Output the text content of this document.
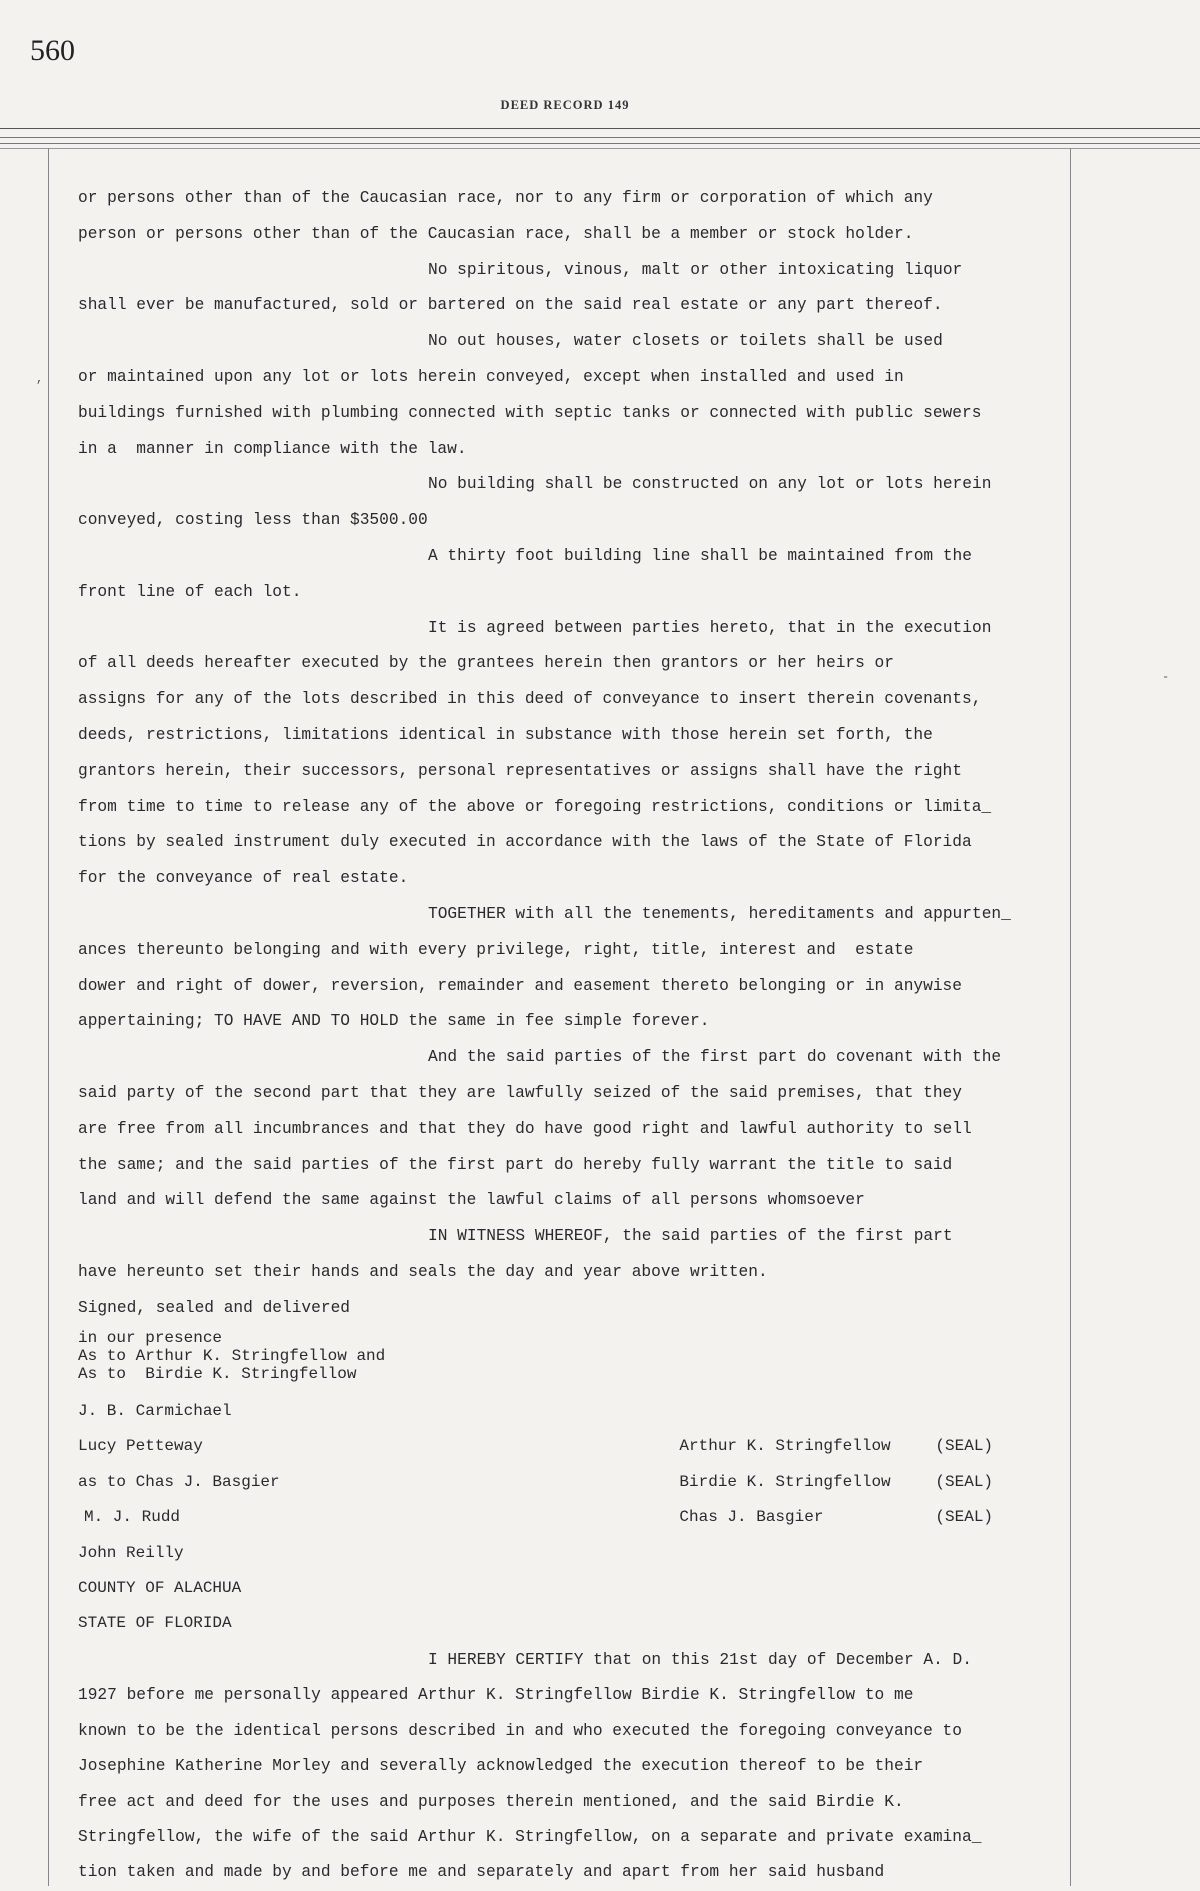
560
DEED RECORD 149
,
-
or persons other than of the Caucasian race, nor to any firm or corporation of which any
person or persons other than of the Caucasian race, shall be a member or stock holder.
No spiritous, vinous, malt or other intoxicating liquor
shall ever be manufactured, sold or bartered on the said real estate or any part thereof.
No out houses, water closets or toilets shall be used
or maintained upon any lot or lots herein conveyed, except when installed and used in
buildings furnished with plumbing connected with septic tanks or connected with public sewers
in a  manner in compliance with the law.
No building shall be constructed on any lot or lots herein
conveyed, costing less than $3500.00
A thirty foot building line shall be maintained from the
front line of each lot.
It is agreed between parties hereto, that in the execution
of all deeds hereafter executed by the grantees herein then grantors or her heirs or
assigns for any of the lots described in this deed of conveyance to insert therein covenants,
deeds, restrictions, limitations identical in substance with those herein set forth, the
grantors herein, their successors, personal representatives or assigns shall have the right
from time to time to release any of the above or foregoing restrictions, conditions or limita_
tions by sealed instrument duly executed in accordance with the laws of the State of Florida
for the conveyance of real estate.
TOGETHER with all the tenements, hereditaments and appurten_
ances thereunto belonging and with every privilege, right, title, interest and  estate
dower and right of dower, reversion, remainder and easement thereto belonging or in anywise
appertaining; TO HAVE AND TO HOLD the same in fee simple forever.
And the said parties of the first part do covenant with the
said party of the second part that they are lawfully seized of the said premises, that they
are free from all incumbrances and that they do have good right and lawful authority to sell
the same; and the said parties of the first part do hereby fully warrant the title to said
land and will defend the same against the lawful claims of all persons whomsoever
IN WITNESS WHEREOF, the said parties of the first part
have hereunto set their hands and seals the day and year above written.
Signed, sealed and delivered
in our presence
As to Arthur K. Stringfellow and
As to  Birdie K. Stringfellow
J. B. Carmichael
Lucy Petteway
as to Chas J. Basgier
M. J. Rudd
John Reilly
COUNTY OF ALACHUA
STATE OF FLORIDA

Arthur K. Stringfellow	(SEAL)

Birdie K. Stringfellow	(SEAL)

Chas J. Basgier	(SEAL)

I HEREBY CERTIFY that on this 21st day of December A. D.
1927 before me personally appeared Arthur K. Stringfellow Birdie K. Stringfellow to me
known to be the identical persons described in and who executed the foregoing conveyance to
Josephine Katherine Morley and severally acknowledged the execution thereof to be their
free act and deed for the uses and purposes therein mentioned, and the said Birdie K.
Stringfellow, the wife of the said Arthur K. Stringfellow, on a separate and private examina_
tion taken and made by and before me and separately and apart from her said husband
